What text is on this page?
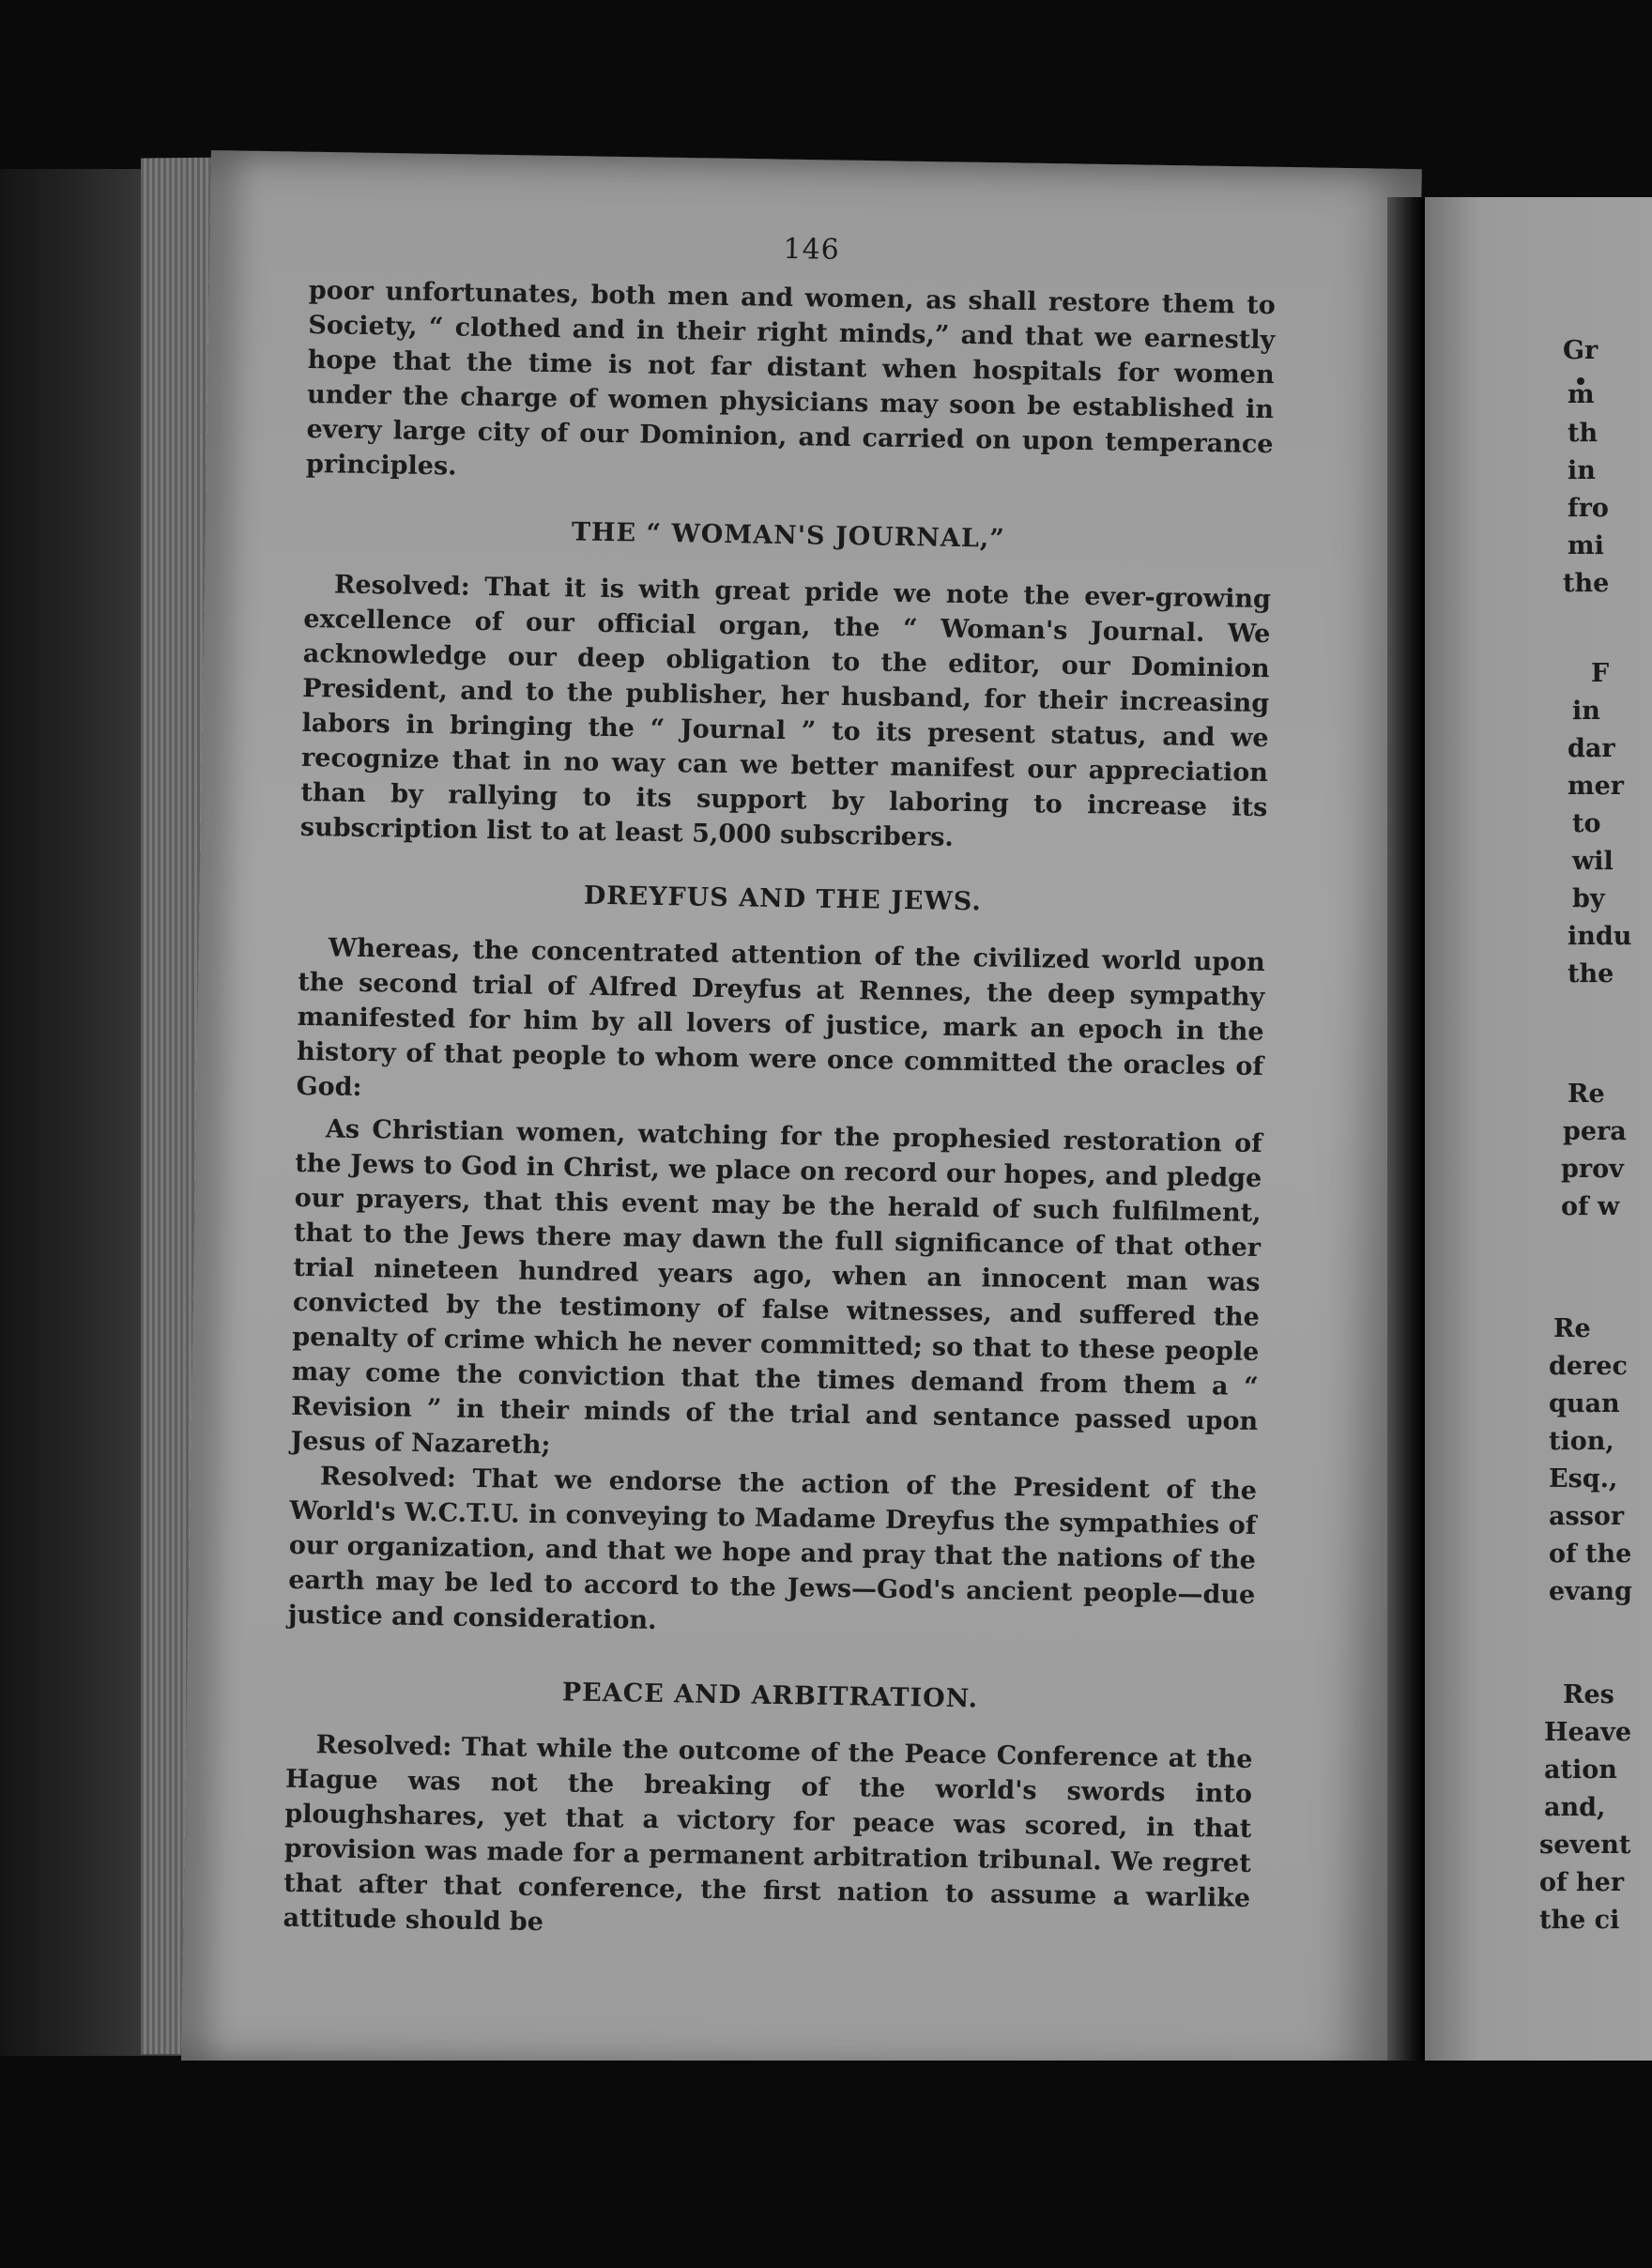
146

poor unfortunates, both men and women, as shall restore them to Society, “ clothed and in their right minds,” and that we earnestly hope that the time is not far distant when hospitals for women under the charge of women physicians may soon be established in every large city of our Dominion, and carried on upon temperance principles.

THE “ WOMAN'S JOURNAL,”

Resolved: That it is with great pride we note the ever-growing excellence of our official organ, the “ Woman's Journal. We acknowledge our deep obligation to the editor, our Dominion President, and to the publisher, her husband, for their increasing labors in bringing the “ Journal ” to its present status, and we recognize that in no way can we better manifest our appreciation than by rallying to its support by laboring to increase its subscription list to at least 5,000 subscribers.

DREYFUS AND THE JEWS.

Whereas, the concentrated attention of the civilized world upon the second trial of Alfred Dreyfus at Rennes, the deep sympathy manifested for him by all lovers of justice, mark an epoch in the history of that people to whom were once committed the oracles of God:

As Christian women, watching for the prophesied restoration of the Jews to God in Christ, we place on record our hopes, and pledge our prayers, that this event may be the herald of such fulfilment, that to the Jews there may dawn the full significance of that other trial nineteen hundred years ago, when an innocent man was convicted by the testimony of false witnesses, and suffered the penalty of crime which he never committed; so that to these people may come the conviction that the times demand from them a “ Revision ” in their minds of the trial and sentance passed upon Jesus of Nazareth;

Resolved: That we endorse the action of the President of the World's W.C.T.U. in conveying to Madame Dreyfus the sympathies of our organization, and that we hope and pray that the nations of the earth may be led to accord to the Jews—God's ancient people—due justice and consideration.

PEACE AND ARBITRATION.

Resolved: That while the outcome of the Peace Conference at the Hague was not the breaking of the world's swords into ploughshares, yet that a victory for peace was scored, in that provision was made for a permanent arbitration tribunal. We regret that after that conference, the first nation to assume a warlike attitude should be

Gr
m
th
in
fro
mi
the
F
in
dar
mer
to
wil
by
indu
the
Re
pera
prov
of w
Re
derec
quan
tion,
Esq.,
assor
of the
evang
Res
Heave
ation
and,
sevent
of her
the ci
